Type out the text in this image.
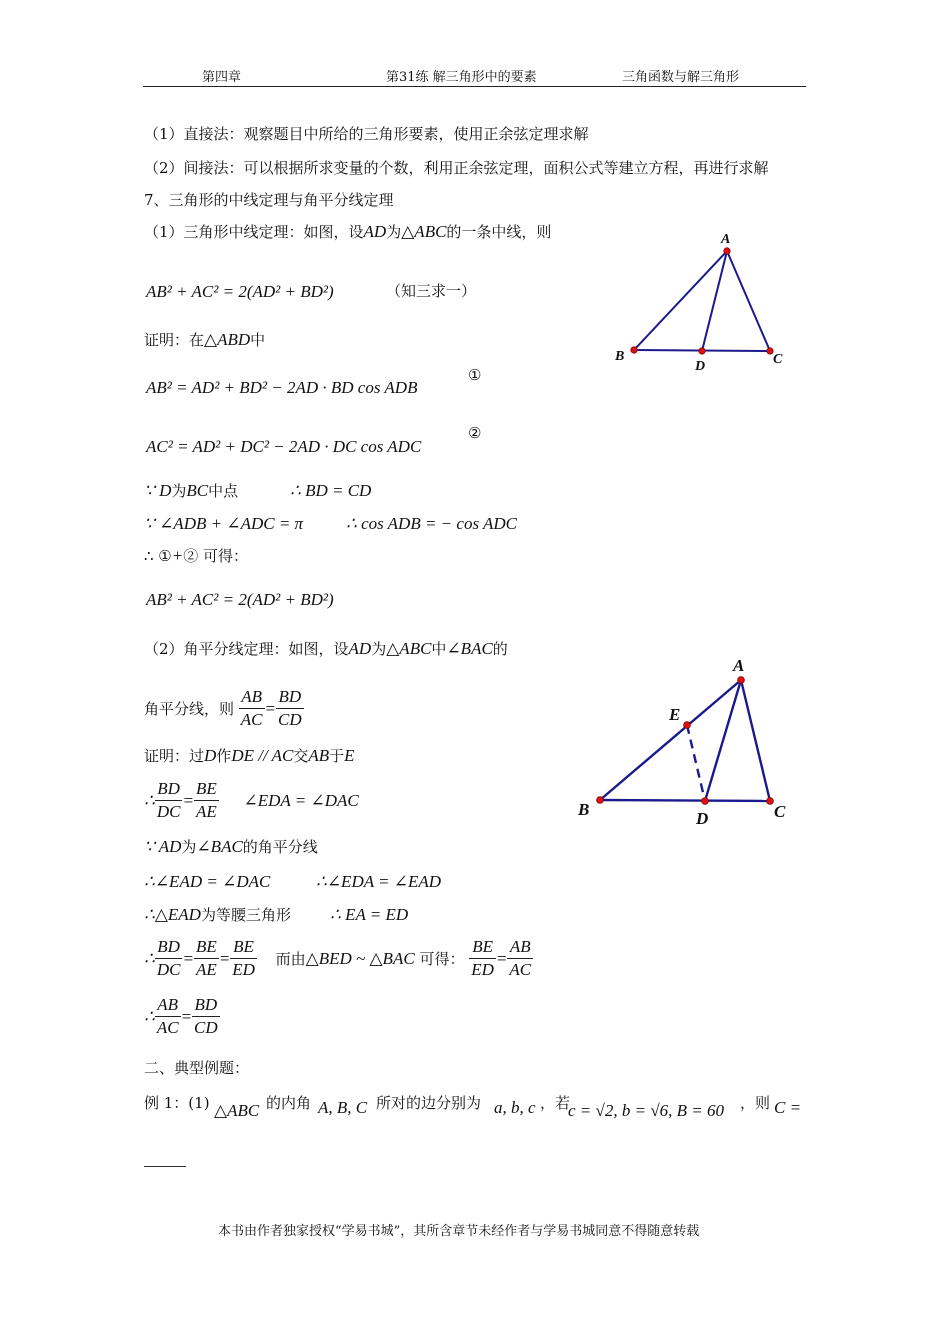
第四章	第31练 解三角形中的要素	三角函数与解三角形
（1）直接法：观察题目中所给的三角形要素，使用正余弦定理求解
（2）间接法：可以根据所求变量的个数，利用正余弦定理，面积公式等建立方程，再进行求解
7、三角形的中线定理与角平分线定理
（1）三角形中线定理：如图，设AD为△ABC的一条中线，则
AB² + AC² = 2(AD² + BD²)	（知三求一）
证明：在△ABD中
AB² = AD² + BD² − 2AD · BD cos ADB
①
AC² = AD² + DC² − 2AD · DC cos ADC
②
∵ D为BC中点	∴ BD = CD
∵ ∠ADB + ∠ADC = π	∴ cos ADB = − cos ADC
∴ ①+② 可得：
AB² + AC² = 2(AD² + BD²)
（2）角平分线定理：如图，设AD为△ABC中∠BAC的
角平分线，则 $\frac{AB}{AC} = \frac{BD}{CD}$
证明：过D作DE // AC交AB于E
∴ $\frac{BD}{DC} = \frac{BE}{AE}$ ∠EDA = ∠DAC
∵ AD为∠BAC的角平分线
∴∠EAD = ∠DAC	∴∠EDA = ∠EAD
∴△EAD为等腰三角形 ∴ EA = ED
∴ $\frac{BD}{DC} = \frac{BE}{AE} = \frac{BE}{ED}$ 而由△BED ~ △BAC 可得： $\frac{BE}{ED} = \frac{AB}{AC}$
∴ $\frac{AB}{AC} = \frac{BD}{CD}$
二、典型例题：
例 1：(1) △ABC 的内角 A, B, C 所对的边分别为 a, b, c ，若
c = √2, b = √6, B = 60 ，则 C =
A
B	C
D
A
B	C
D
E
本书由作者独家授权“学易书城”，其所含章节未经作者与学易书城同意不得随意转载
